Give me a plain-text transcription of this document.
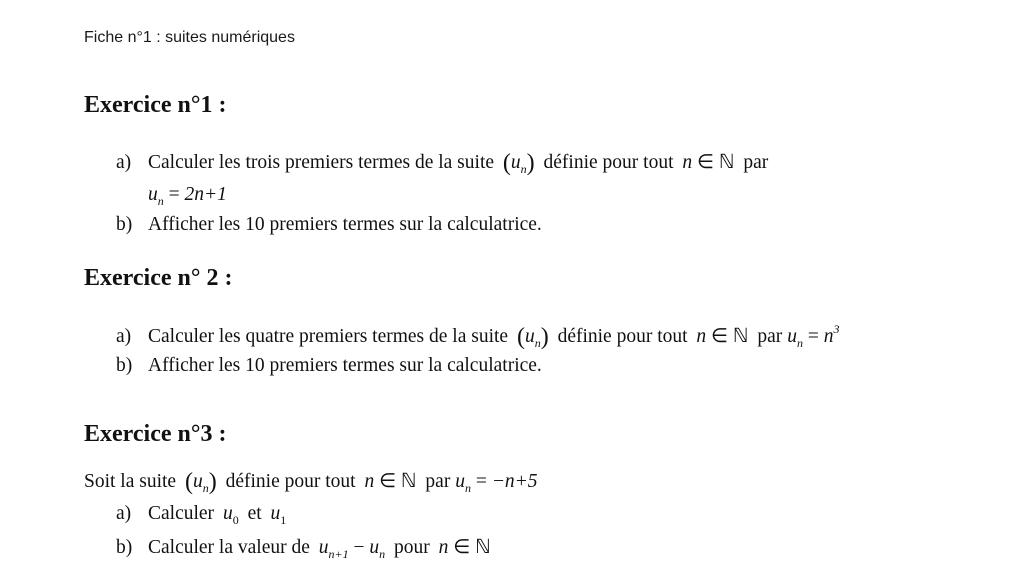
Fiche n°1 : suites numériques
Exercice n°1 :
a) Calculer les trois premiers termes de la suite $(u_n)$ définie pour tout n ∈ ℕ par
$u_n = 2n+1$
b) Afficher les 10 premiers termes sur la calculatrice.
Exercice n° 2 :
a) Calculer les quatre premiers termes de la suite $(u_n)$ définie pour tout n ∈ ℕ par $u_n = n^3$
b) Afficher les 10 premiers termes sur la calculatrice.
Exercice n°3 :
Soit la suite $(u_n)$ définie pour tout n ∈ ℕ par $u_n = -n+5$
a) Calculer $u_0$ et $u_1$
b) Calculer la valeur de $u_{n+1} - u_n$ pour n ∈ ℕ
